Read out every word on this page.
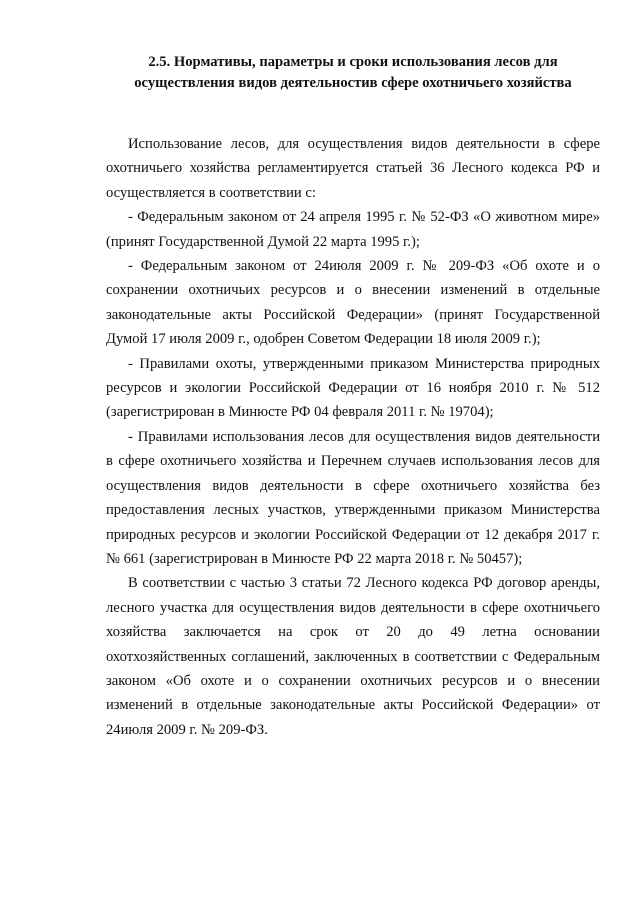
2.5. Нормативы, параметры и сроки использования лесов для
осуществления видов деятельностив сфере охотничьего хозяйства

Использование лесов, для осуществления видов деятельности в сфере охотничьего хозяйства регламентируется статьей 36 Лесного кодекса РФ и осуществляется в соответствии с:

- Федеральным законом от 24 апреля 1995 г. № 52-ФЗ «О животном мире» (принят Государственной Думой 22 марта 1995 г.);

- Федеральным законом от 24июля 2009 г. № 209-ФЗ «Об охоте и о сохранении охотничьих ресурсов и о внесении изменений в отдельные законодательные акты Российской Федерации» (принят Государственной Думой 17 июля 2009 г., одобрен Советом Федерации 18 июля 2009 г.);

- Правилами охоты, утвержденными приказом Министерства природных ресурсов и экологии Российской Федерации от 16 ноября 2010 г. № 512 (зарегистрирован в Минюсте РФ 04 февраля 2011 г. № 19704);

- Правилами использования лесов для осуществления видов деятельности в сфере охотничьего хозяйства и Перечнем случаев использования лесов для осуществления видов деятельности в сфере охотничьего хозяйства без предоставления лесных участков, утвержденными приказом Министерства природных ресурсов и экологии Российской Федерации от 12 декабря 2017 г. № 661 (зарегистрирован в Минюсте РФ 22 марта 2018 г. № 50457);

В соответствии с частью 3 статьи 72 Лесного кодекса РФ договор аренды, лесного участка для осуществления видов деятельности в сфере охотничьего хозяйства заключается на срок от 20 до 49 летна основании охотхозяйственных соглашений, заключенных в соответствии с Федеральным законом «Об охоте и о сохранении охотничьих ресурсов и о внесении изменений в отдельные законодательные акты Российской Федерации» от 24июля 2009 г. № 209-ФЗ.
